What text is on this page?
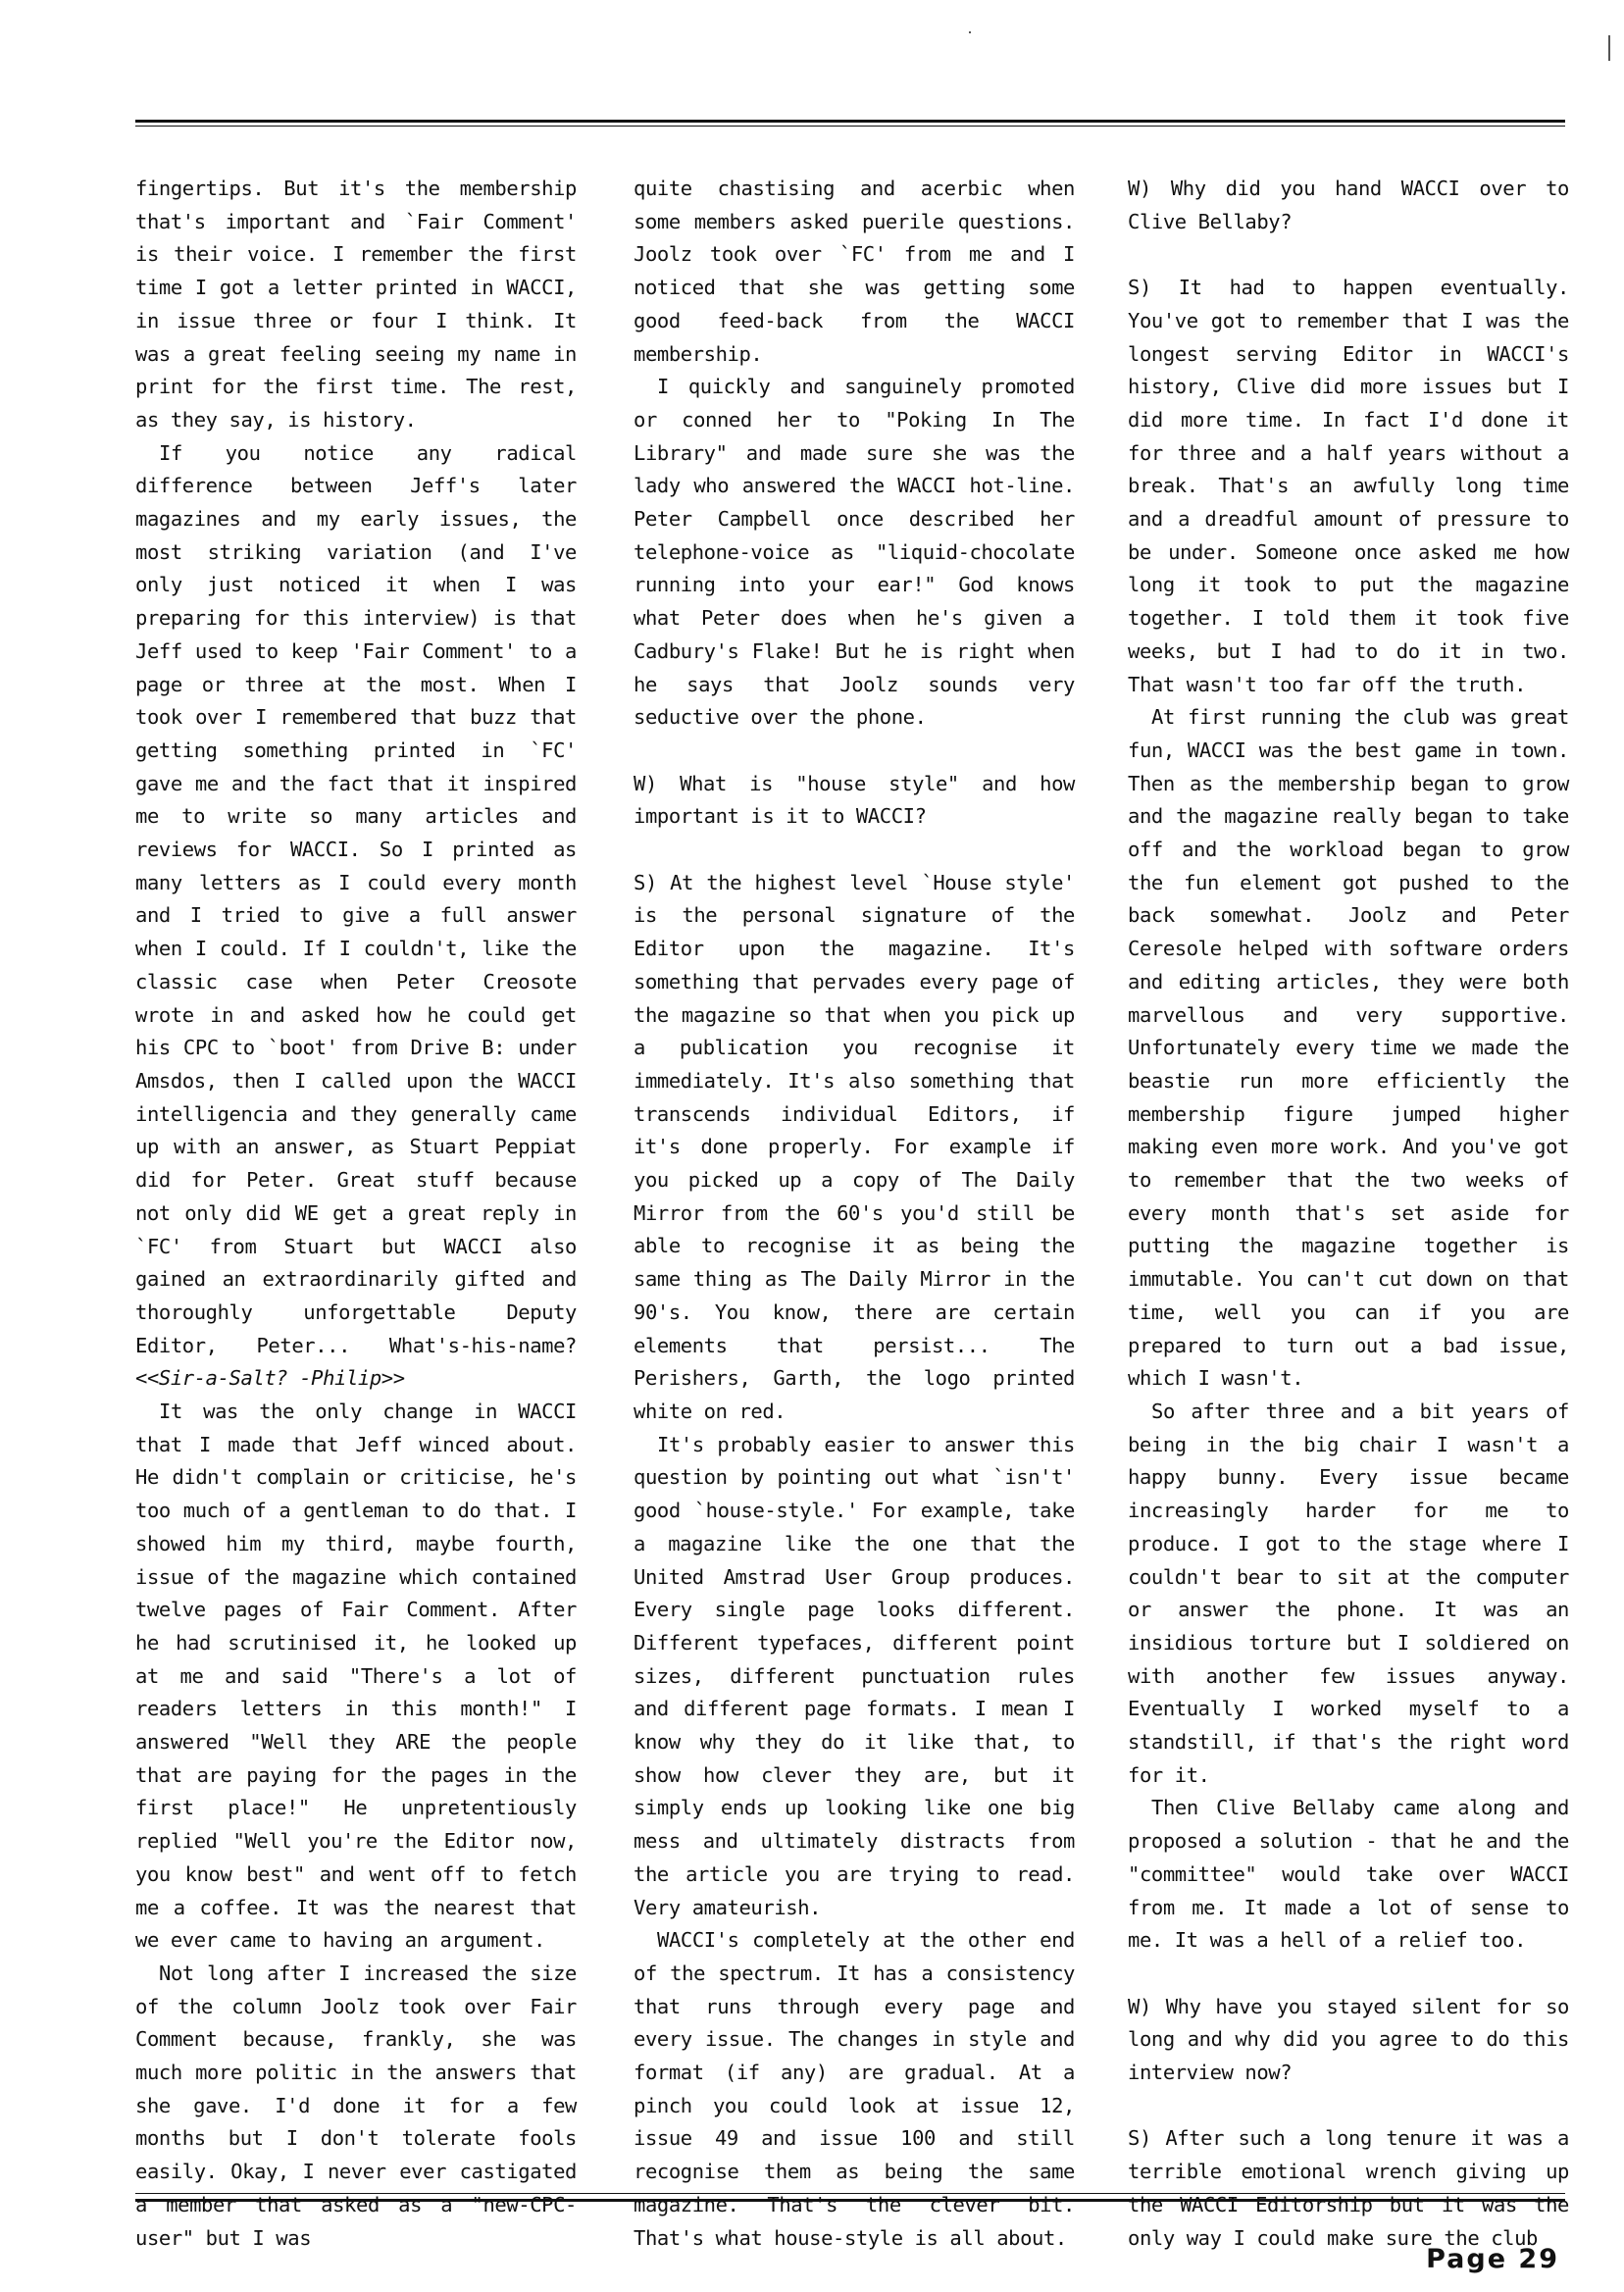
fingertips. But it's the membership that's important and `Fair Comment' is their voice. I remember the first time I got a letter printed in WACCI, in issue three or four I think. It was a great feeling seeing my name in print for the first time. The rest, as they say, is history.

If you notice any radical difference between Jeff's later magazines and my early issues, the most striking variation (and I've only just noticed it when I was preparing for this interview) is that Jeff used to keep 'Fair Comment' to a page or three at the most. When I took over I remembered that buzz that getting something printed in `FC' gave me and the fact that it inspired me to write so many articles and reviews for WACCI. So I printed as many letters as I could every month and I tried to give a full answer when I could. If I couldn't, like the classic case when Peter Creosote wrote in and asked how he could get his CPC to `boot' from Drive B: under Amsdos, then I called upon the WACCI intelligencia and they generally came up with an answer, as Stuart Peppiat did for Peter. Great stuff because not only did WE get a great reply in `FC' from Stuart but WACCI also gained an extraordinarily gifted and thoroughly unforgettable Deputy Editor, Peter... What's-his-name? <<Sir-a-Salt? -Philip>>

It was the only change in WACCI that I made that Jeff winced about. He didn't complain or criticise, he's too much of a gentleman to do that. I showed him my third, maybe fourth, issue of the magazine which contained twelve pages of Fair Comment. After he had scrutinised it, he looked up at me and said "There's a lot of readers letters in this month!" I answered "Well they ARE the people that are paying for the pages in the first place!" He unpretentiously replied "Well you're the Editor now, you know best" and went off to fetch me a coffee. It was the nearest that we ever came to having an argument.

Not long after I increased the size of the column Joolz took over Fair Comment because, frankly, she was much more politic in the answers that she gave. I'd done it for a few months but I don't tolerate fools easily. Okay, I never ever castigated a member that asked as a "new-CPC-user" but I was

quite chastising and acerbic when some members asked puerile questions. Joolz took over `FC' from me and I noticed that she was getting some good feed-back from the WACCI membership.

I quickly and sanguinely promoted or conned her to "Poking In The Library" and made sure she was the lady who answered the WACCI hot-line. Peter Campbell once described her telephone-voice as "liquid-chocolate running into your ear!" God knows what Peter does when he's given a Cadbury's Flake! But he is right when he says that Joolz sounds very seductive over the phone.

W) What is "house style" and how important is it to WACCI?

S) At the highest level `House style' is the personal signature of the Editor upon the magazine. It's something that pervades every page of the magazine so that when you pick up a publication you recognise it immediately. It's also something that transcends individual Editors, if it's done properly. For example if you picked up a copy of The Daily Mirror from the 60's you'd still be able to recognise it as being the same thing as The Daily Mirror in the 90's. You know, there are certain elements that persist... The Perishers, Garth, the logo printed white on red.

It's probably easier to answer this question by pointing out what `isn't' good `house-style.' For example, take a magazine like the one that the United Amstrad User Group produces. Every single page looks different. Different typefaces, different point sizes, different punctuation rules and different page formats. I mean I know why they do it like that, to show how clever they are, but it simply ends up looking like one big mess and ultimately distracts from the article you are trying to read. Very amateurish.

WACCI's completely at the other end of the spectrum. It has a consistency that runs through every page and every issue. The changes in style and format (if any) are gradual. At a pinch you could look at issue 12, issue 49 and issue 100 and still recognise them as being the same magazine. That's the clever bit. That's what house-style is all about.

W) Why did you hand WACCI over to Clive Bellaby?

S) It had to happen eventually. You've got to remember that I was the longest serving Editor in WACCI's history, Clive did more issues but I did more time. In fact I'd done it for three and a half years without a break. That's an awfully long time and a dreadful amount of pressure to be under. Someone once asked me how long it took to put the magazine together. I told them it took five weeks, but I had to do it in two. That wasn't too far off the truth.

At first running the club was great fun, WACCI was the best game in town. Then as the membership began to grow and the magazine really began to take off and the workload began to grow the fun element got pushed to the back somewhat. Joolz and Peter Ceresole helped with software orders and editing articles, they were both marvellous and very supportive. Unfortunately every time we made the beastie run more efficiently the membership figure jumped higher making even more work. And you've got to remember that the two weeks of every month that's set aside for putting the magazine together is immutable. You can't cut down on that time, well you can if you are prepared to turn out a bad issue, which I wasn't.

So after three and a bit years of being in the big chair I wasn't a happy bunny. Every issue became increasingly harder for me to produce. I got to the stage where I couldn't bear to sit at the computer or answer the phone. It was an insidious torture but I soldiered on with another few issues anyway. Eventually I worked myself to a standstill, if that's the right word for it.

Then Clive Bellaby came along and proposed a solution - that he and the "committee" would take over WACCI from me. It made a lot of sense to me. It was a hell of a relief too.

W) Why have you stayed silent for so long and why did you agree to do this interview now?

S) After such a long tenure it was a terrible emotional wrench giving up the WACCI Editorship but it was the only way I could make sure the club

Page 29
